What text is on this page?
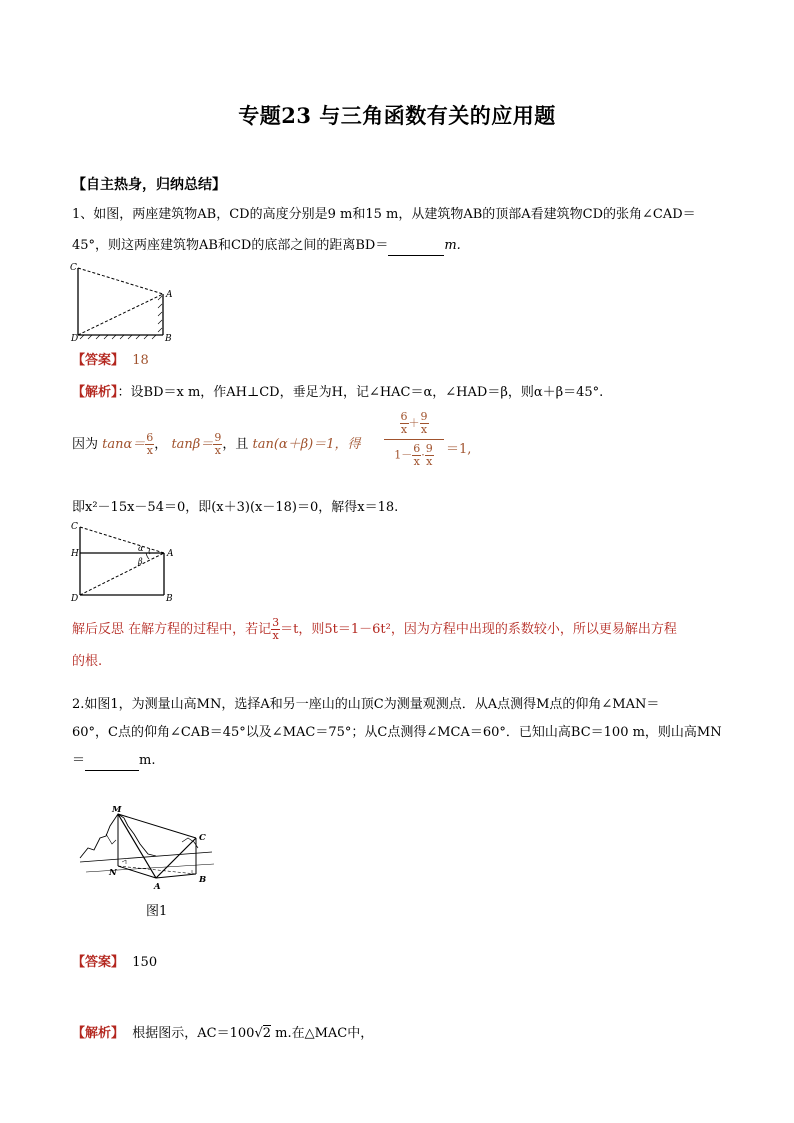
专题23 与三角函数有关的应用题
【自主热身，归纳总结】
1、如图，两座建筑物AB，CD的高度分别是9 m和15 m，从建筑物AB的顶部A看建筑物CD的张角∠CAD＝
45°，则这两座建筑物AB和CD的底部之间的距离BD＝	m.
C
A
D	B
【答案】 18
【解析】：设BD＝x m，作AH⊥CD，垂足为H，记∠HAC＝α，∠HAD＝β，则α＋β＝45°.
因为 $\tan\alpha= \frac{6}{x}$ ， $\tan\beta= \frac{9}{x}$ ，且 tan(α＋β)＝1，得 $\frac{\frac{6}{x} + \frac{9}{x}}{1- \frac{6}{x} \cdot \frac{9}{x}} =1$,
即x²－15x－54＝0，即(x＋3)(x－18)＝0，解得x＝18.
α
β
C
H	A
D	B
解后反思 在解方程的过程中，若记 $\frac{3}{x} =t$，则5t＝1－6t²，因为方程中出现的系数较小，所以更易解出方程
的根.
2.如图1，为测量山高MN，选择A和另一座山的山顶C为测量观测点．从A点测得M点的仰角∠MAN＝
60°，C点的仰角∠CAB＝45°以及∠MAC＝75°；从C点测得∠MCA＝60°．已知山高BC＝100 m，则山高MN
＝	m.
M
C
N
A
B
图1
【答案】 150
【解析】 根据图示，AC＝100√2 m.在△MAC中，
